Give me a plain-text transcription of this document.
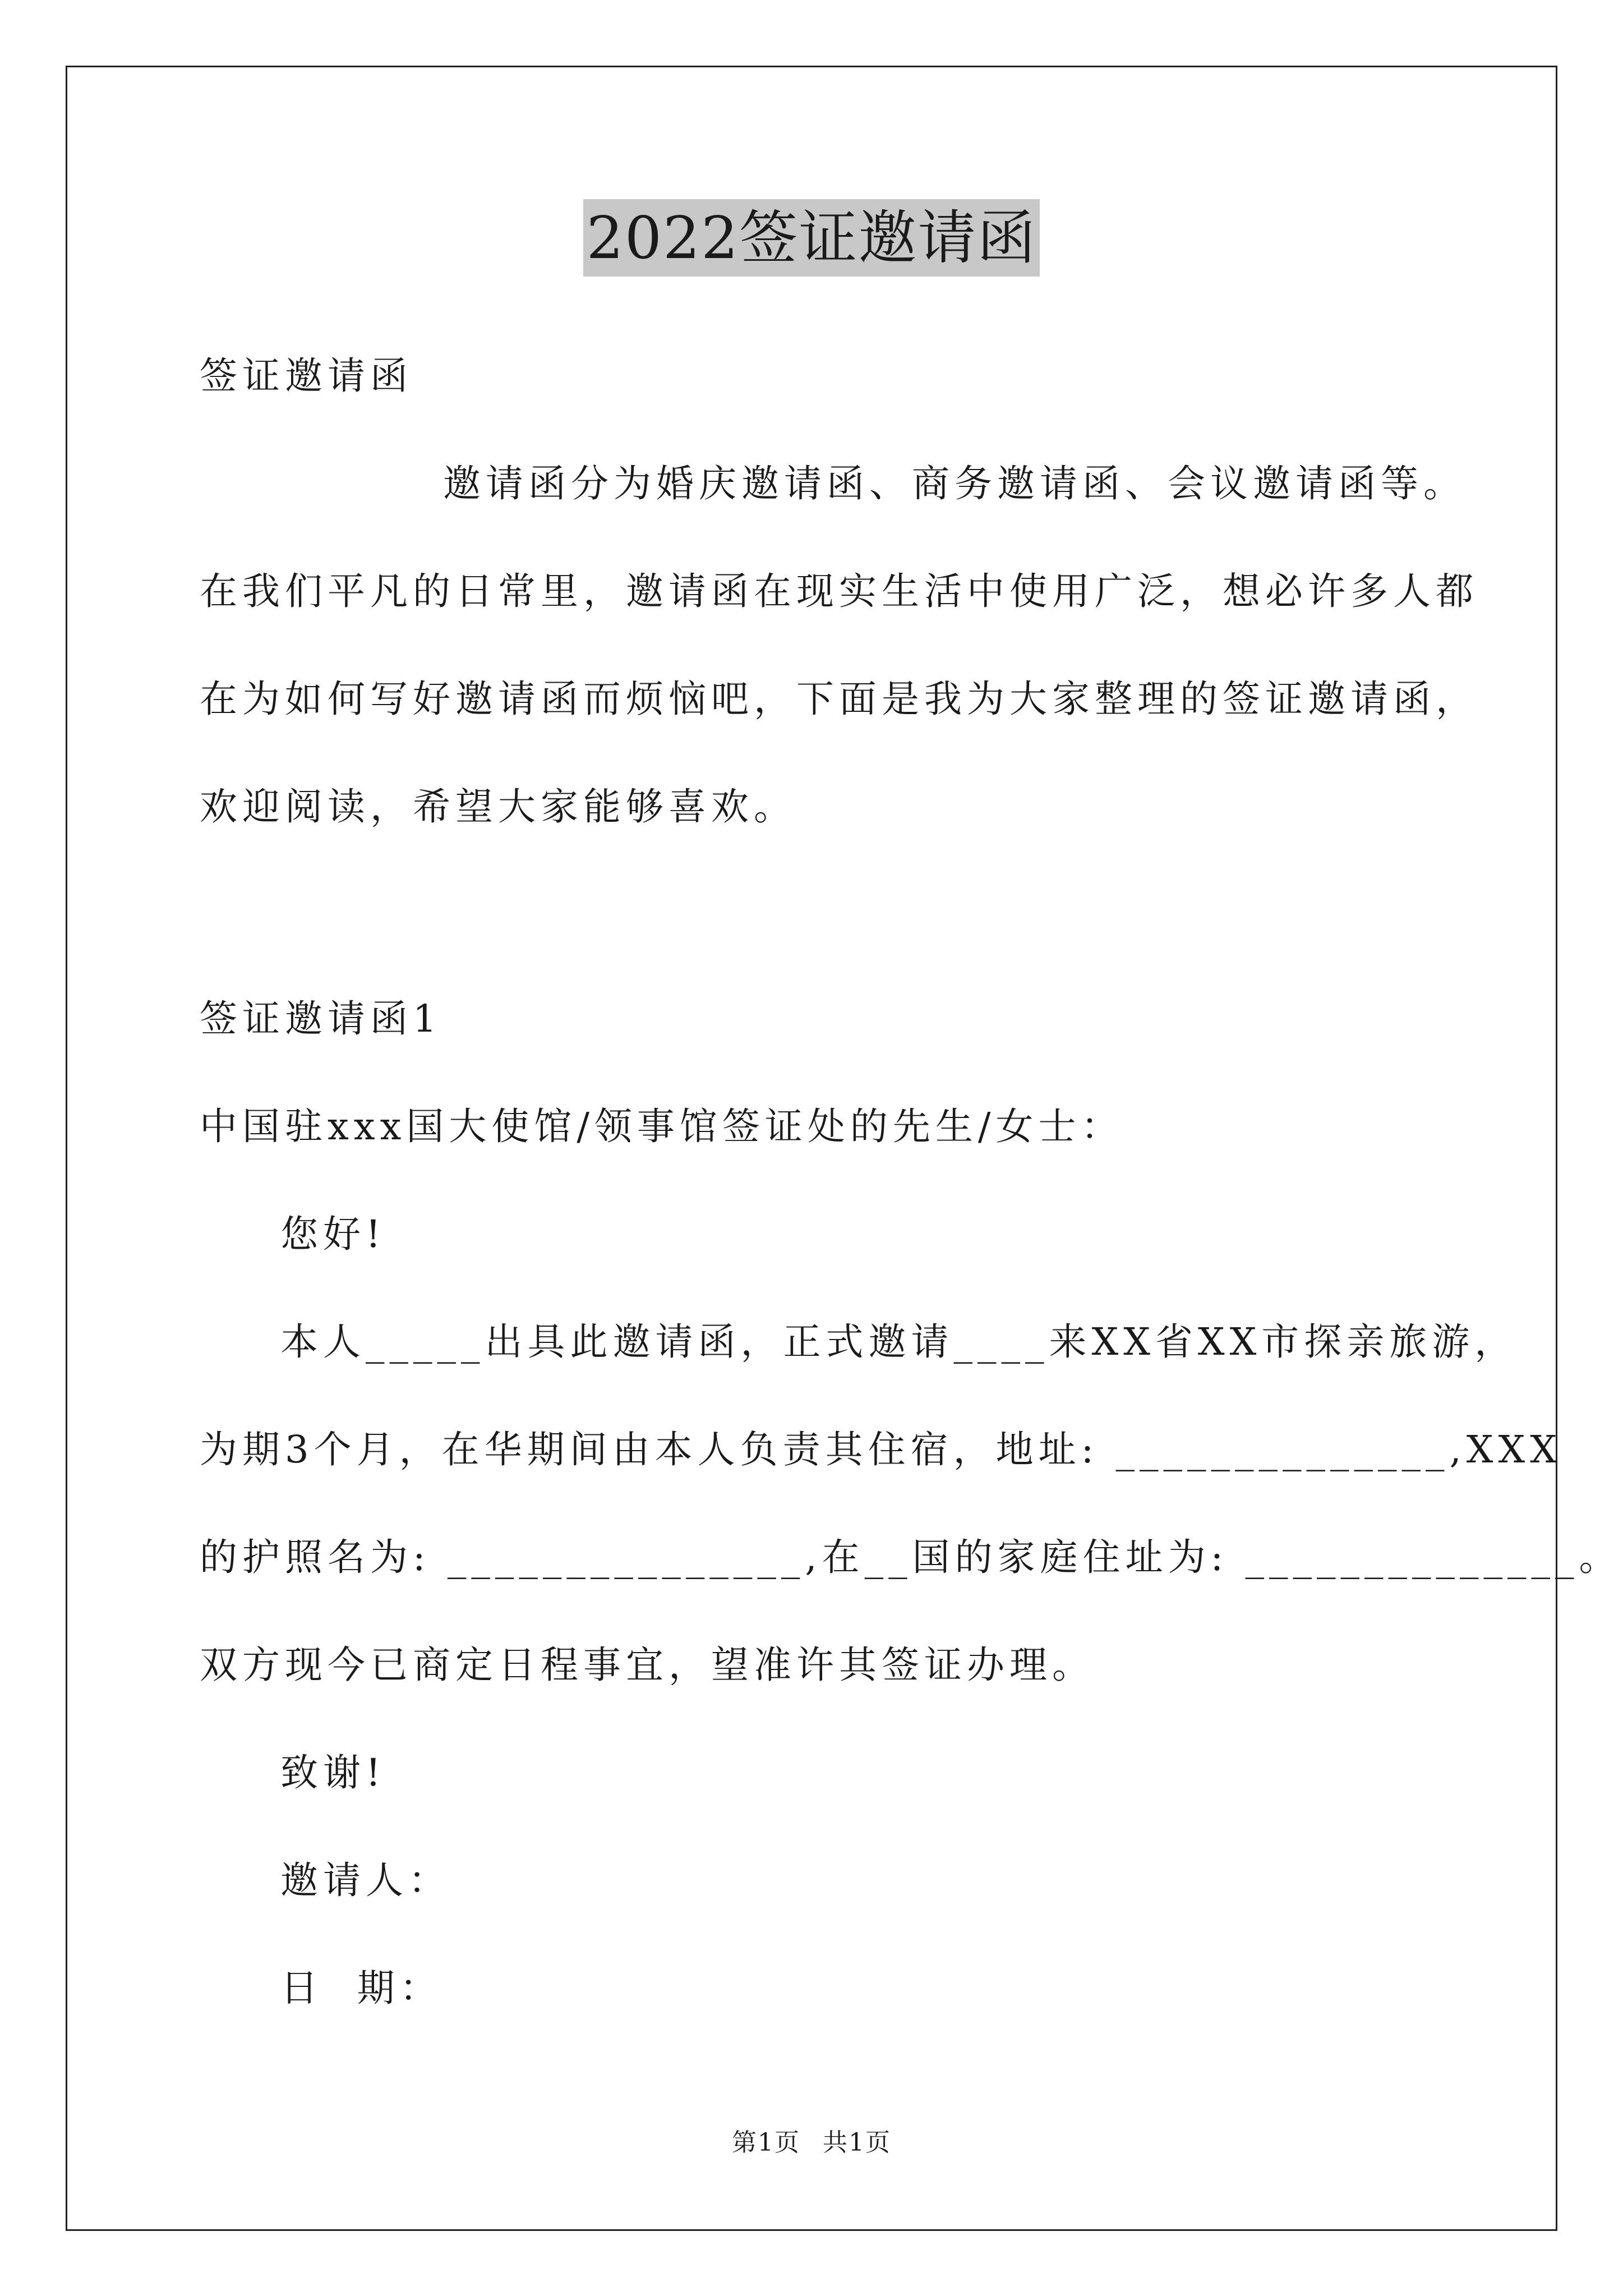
2022签证邀请函
签证邀请函
邀请函分为婚庆邀请函、商务邀请函、会议邀请函等。
在我们平凡的日常里，邀请函在现实生活中使用广泛，想必许多人都
在为如何写好邀请函而烦恼吧，下面是我为大家整理的签证邀请函，
欢迎阅读，希望大家能够喜欢。
签证邀请函1
中国驻xxx国大使馆/领事馆签证处的先生/女士：
您好!
本人_____出具此邀请函，正式邀请____来XX省XX市探亲旅游，
为期3个月，在华期间由本人负责其住宿，地址: ______________,XXX
的护照名为: _______________,在__国的家庭住址为: ______________。
双方现今已商定日程事宜，望准许其签证办理。
致谢!
邀请人：
日  期：
第1页 共1页
